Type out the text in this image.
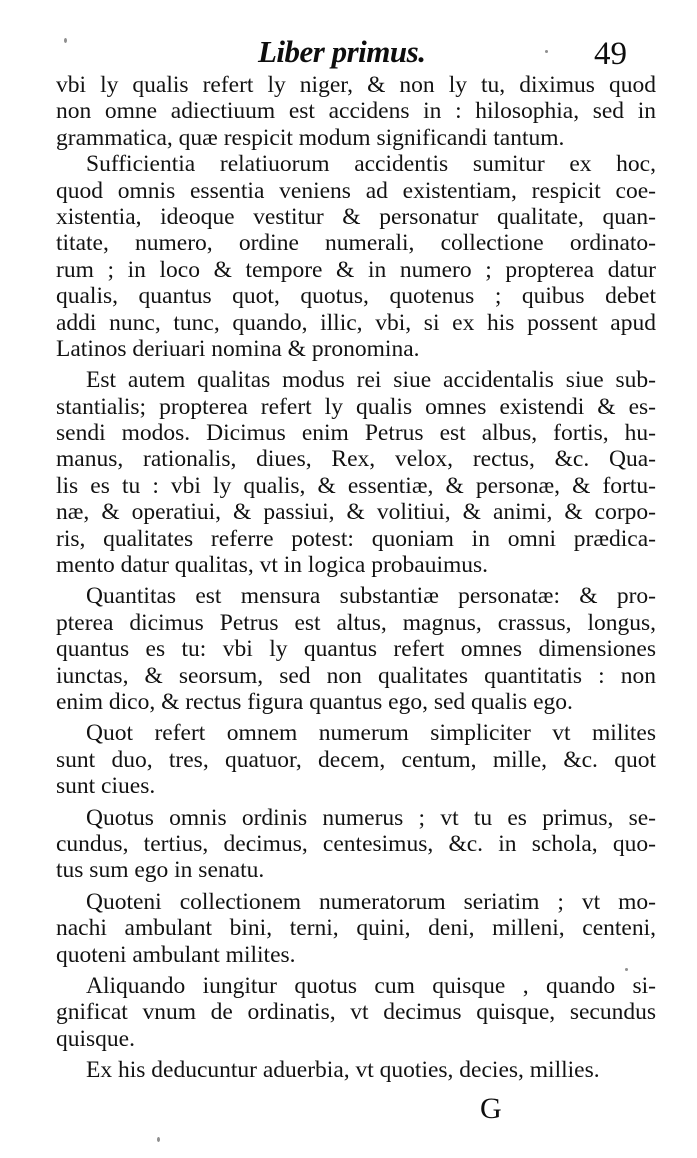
Liber primus.	49
vbi ly qualis refert ly niger, & non ly tu, diximus quod
non omne adiectiuum est accidens in : hilosophia, sed in
grammatica, quæ respicit modum significandi tantum.
Sufficientia relatiuorum accidentis sumitur ex hoc,
quod omnis essentia veniens ad existentiam, respicit coe-
xistentia, ideoque vestitur & personatur qualitate, quan-
titate, numero, ordine numerali, collectione ordinato-
rum ; in loco & tempore & in numero ; propterea datur
qualis, quantus quot, quotus, quotenus ; quibus debet
addi nunc, tunc, quando, illic, vbi, si ex his possent apud
Latinos deriuari nomina & pronomina.
Est autem qualitas modus rei siue accidentalis siue sub-
stantialis; propterea refert ly qualis omnes existendi & es-
sendi modos. Dicimus enim Petrus est albus, fortis, hu-
manus, rationalis, diues, Rex, velox, rectus, &c. Qua-
lis es tu : vbi ly qualis, & essentiæ, & personæ, & fortu-
næ, & operatiui, & passiui, & volitiui, & animi, & corpo-
ris, qualitates referre potest: quoniam in omni prædica-
mento datur qualitas, vt in logica probauimus.
Quantitas est mensura substantiæ personatæ: & pro-
pterea dicimus Petrus est altus, magnus, crassus, longus,
quantus es tu: vbi ly quantus refert omnes dimensiones
iunctas, & seorsum, sed non qualitates quantitatis : non
enim dico, & rectus figura quantus ego, sed qualis ego.
Quot refert omnem numerum simpliciter vt milites
sunt duo, tres, quatuor, decem, centum, mille, &c. quot
sunt ciues.
Quotus omnis ordinis numerus ; vt tu es primus, se-
cundus, tertius, decimus, centesimus, &c. in schola, quo-
tus sum ego in senatu.
Quoteni collectionem numeratorum seriatim ; vt mo-
nachi ambulant bini, terni, quini, deni, milleni, centeni,
quoteni ambulant milites.
Aliquando iungitur quotus cum quisque , quando si-
gnificat vnum de ordinatis, vt decimus quisque, secundus
quisque.
Ex his deducuntur aduerbia, vt quoties, decies, millies.
G
